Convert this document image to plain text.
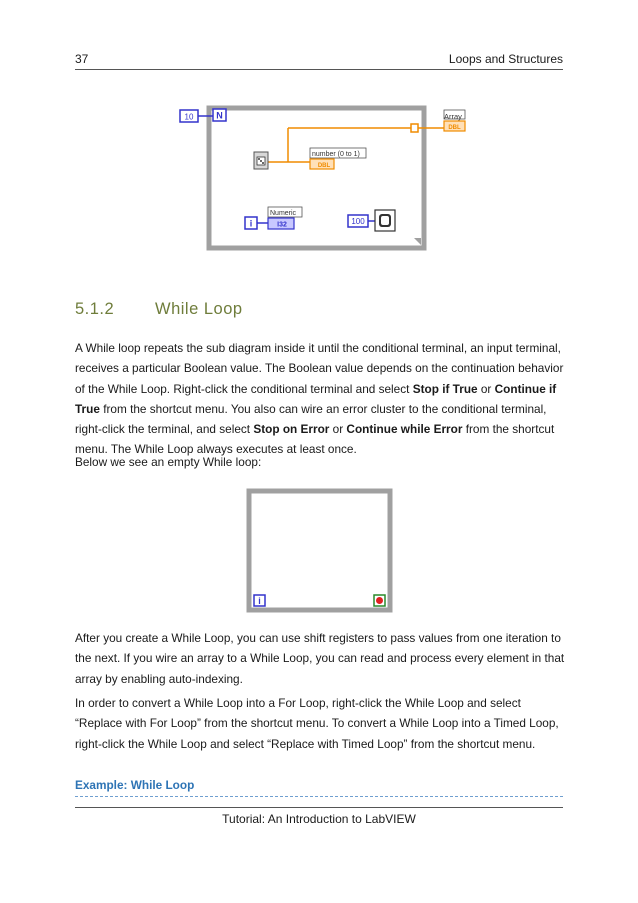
37	Loops and Structures
10	N	Array
DBL
number (0 to 1)
DBL
i
Numeric
I32	100
5.1.2 While Loop

A While loop repeats the sub diagram inside it until the conditional terminal, an input terminal, receives a particular Boolean value. The Boolean value depends on the continuation behavior of the While Loop. Right-click the conditional terminal and select Stop if True or Continue if True from the shortcut menu. You also can wire an error cluster to the conditional terminal, right-click the terminal, and select Stop on Error or Continue while Error from the shortcut menu. The While Loop always executes at least once.

Below we see an empty While loop:

i

After you create a While Loop, you can use shift registers to pass values from one iteration to the next. If you wire an array to a While Loop, you can read and process every element in that array by enabling auto-indexing.

In order to convert a While Loop into a For Loop, right-click the While Loop and select “Replace with For Loop” from the shortcut menu. To convert a While Loop into a Timed Loop, right-click the While Loop and select “Replace with Timed Loop” from the shortcut menu.

Example: While Loop
Tutorial: An Introduction to LabVIEW
